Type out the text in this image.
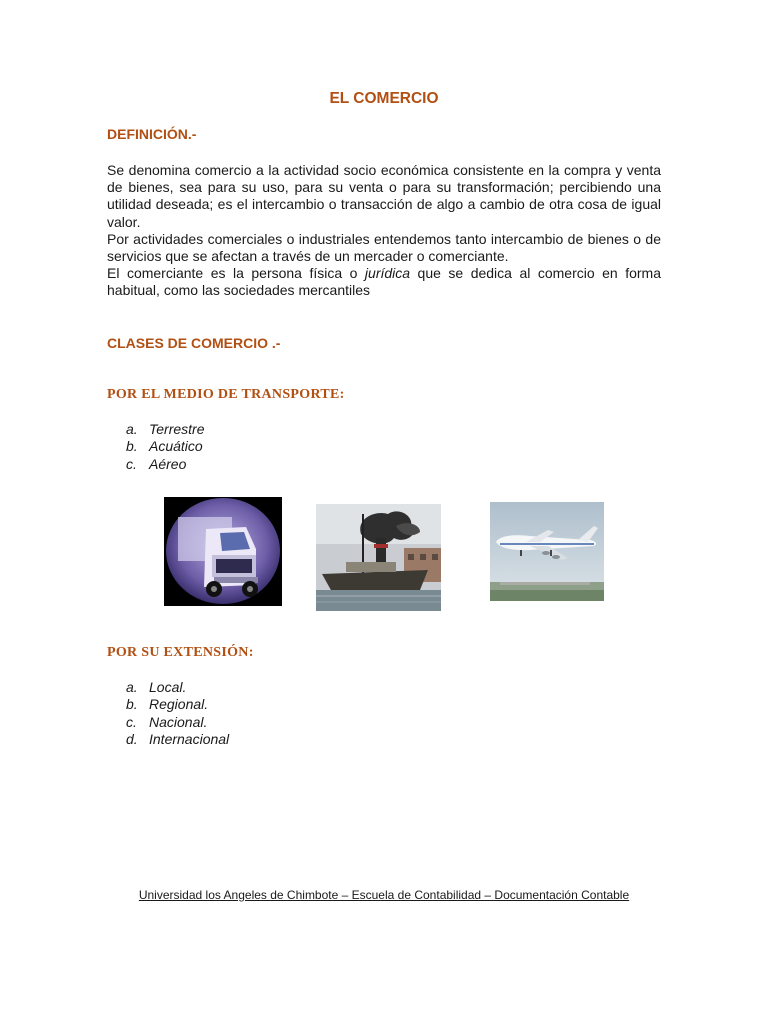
EL COMERCIO
DEFINICIÓN.-

Se denomina comercio a la actividad socio económica consistente en la compra y venta de bienes, sea para su uso, para su venta o para su transformación; percibiendo una utilidad deseada; es el intercambio o transacción de algo a cambio de otra cosa de igual valor.

Por actividades comerciales o industriales entendemos tanto intercambio de bienes o de servicios que se afectan a través de un mercader o comerciante.

El comerciante es la persona física o jurídica que se dedica al comercio en forma habitual, como las sociedades mercantiles

CLASES DE COMERCIO .-
POR EL MEDIO DE TRANSPORTE:
a. Terrestre
b. Acuático
c. Aéreo
POR SU EXTENSIÓN:
a. Local.
b. Regional.
c. Nacional.
d. Internacional
Universidad los Angeles de Chimbote – Escuela de Contabilidad – Documentación Contable
